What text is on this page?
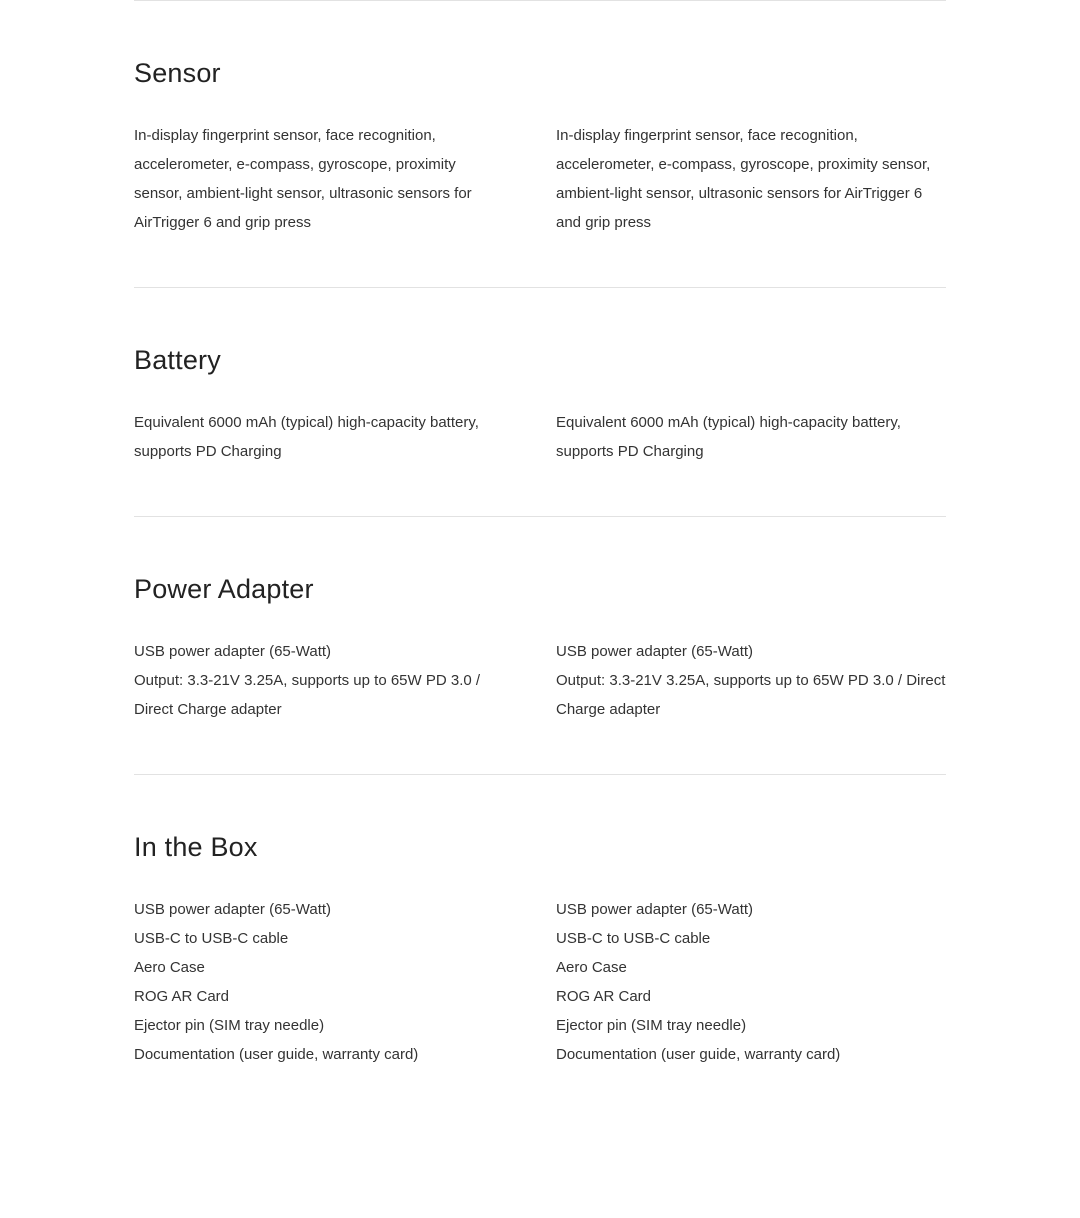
Sensor
In-display fingerprint sensor, face recognition, accelerometer, e-compass, gyroscope, proximity sensor, ambient-light sensor, ultrasonic sensors for AirTrigger 6 and grip press
In-display fingerprint sensor, face recognition, accelerometer, e-compass, gyroscope, proximity sensor, ambient-light sensor, ultrasonic sensors for AirTrigger 6 and grip press
Battery
Equivalent 6000 mAh (typical) high-capacity battery, supports PD Charging
Equivalent 6000 mAh (typical) high-capacity battery, supports PD Charging
Power Adapter
USB power adapter (65-Watt)
Output: 3.3-21V 3.25A, supports up to 65W PD 3.0 / Direct Charge adapter
USB power adapter (65-Watt)
Output: 3.3-21V 3.25A, supports up to 65W PD 3.0 / Direct Charge adapter
In the Box
USB power adapter (65-Watt)
USB-C to USB-C cable
Aero Case
ROG AR Card
Ejector pin (SIM tray needle)
Documentation (user guide, warranty card)
USB power adapter (65-Watt)
USB-C to USB-C cable
Aero Case
ROG AR Card
Ejector pin (SIM tray needle)
Documentation (user guide, warranty card)
